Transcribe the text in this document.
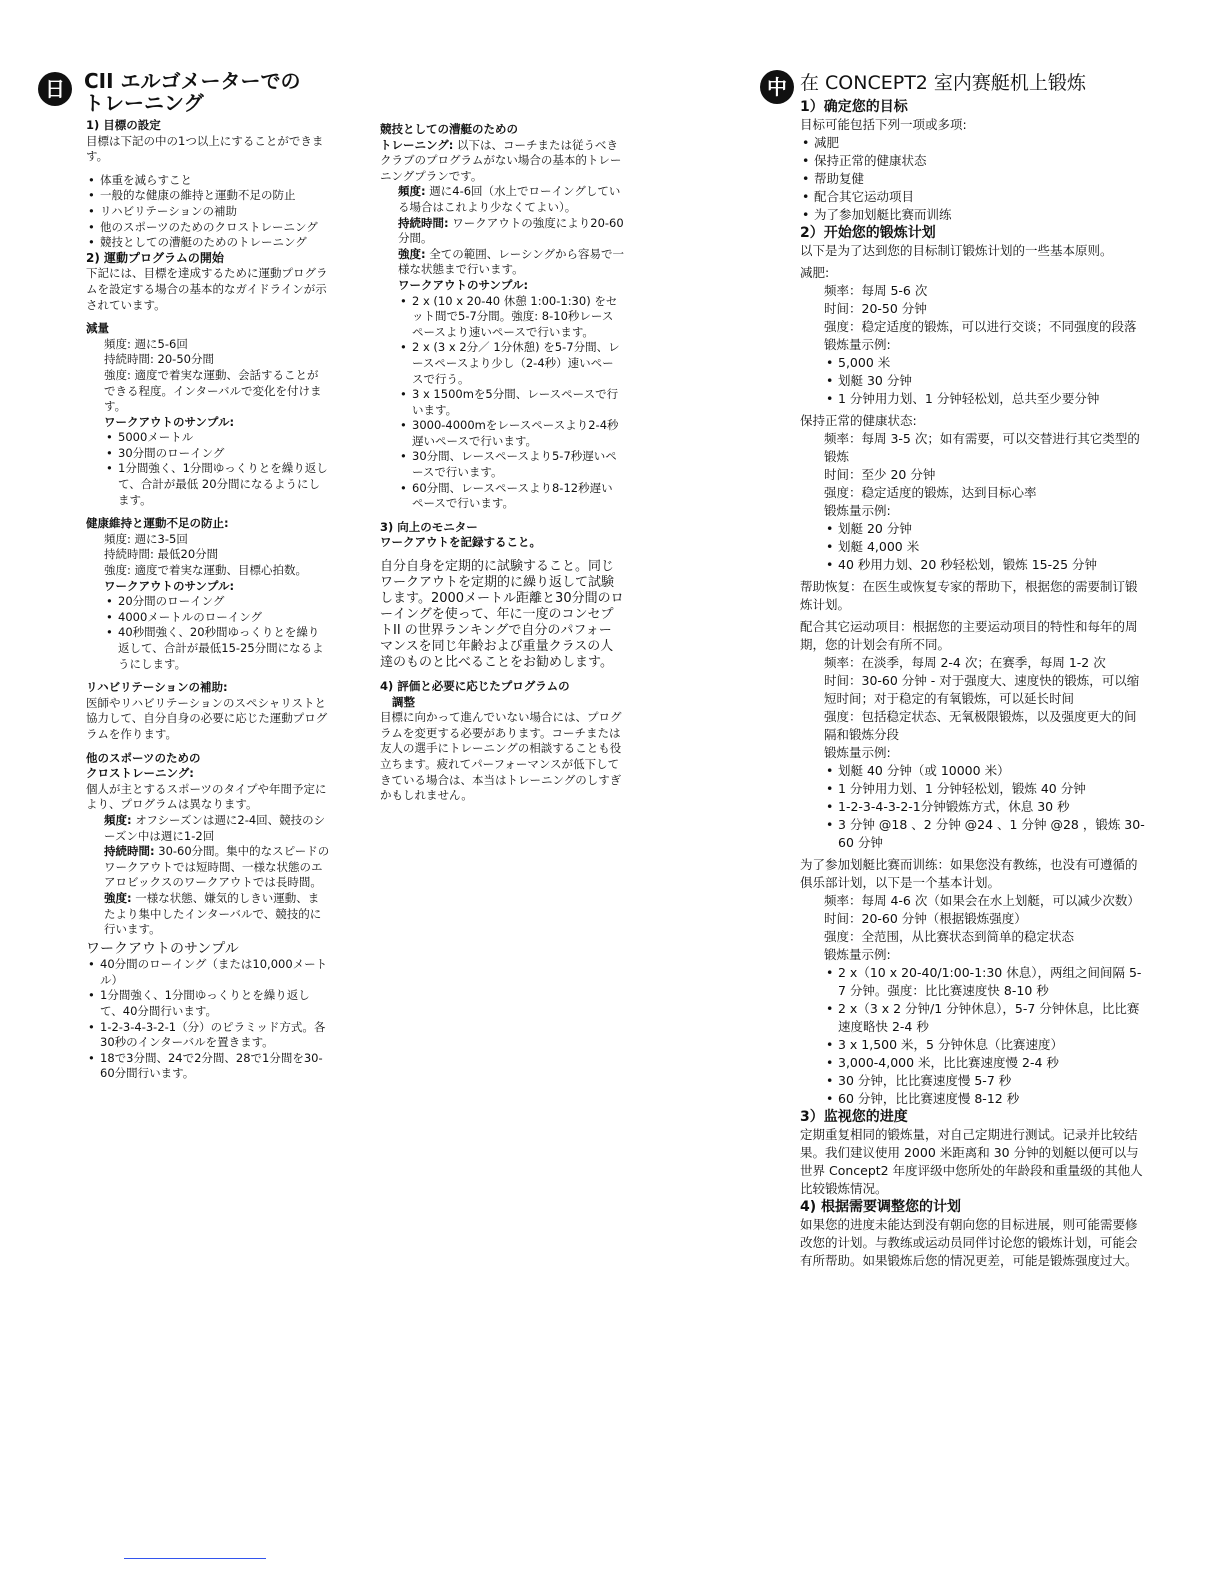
日 CII エルゴメーターでの
トレーニング

1) 目標の設定

目標は下記の中の1つ以上にすることができます。

• 体重を減らすこと
• 一般的な健康の維持と運動不足の防止
• リハビリテーションの補助
• 他のスポーツのためのクロストレーニング
• 競技としての漕艇のためのトレーニング

2) 運動プログラムの開始

下記には、目標を達成するために運動プログラムを設定する場合の基本的なガイドラインが示されています。

減量

頻度: 週に5-6回

持続時間: 20-50分間

強度: 適度で着実な運動、会話することができる程度。インターバルで変化を付けます。

ワークアウトのサンプル:

• 5000メートル
• 30分間のローイング
• 1分間強く、1分間ゆっくりとを繰り返して、合計が最低 20分間になるようにします。

健康維持と運動不足の防止:

頻度: 週に3-5回

持続時間: 最低20分間

強度: 適度で着実な運動、目標心拍数。

ワークアウトのサンプル:

• 20分間のローイング
• 4000メートルのローイング
• 40秒間強く、20秒間ゆっくりとを繰り返して、合計が最低15-25分間になるようにします。

リハビリテーションの補助:

医師やリハビリテーションのスペシャリストと協力して、自分自身の必要に応じた運動プログラムを作ります。

他のスポーツのための

クロストレーニング:

個人が主とするスポーツのタイプや年間予定により、プログラムは異なります。

頻度: オフシーズンは週に2-4回、競技のシーズン中は週に1-2回

持続時間: 30-60分間。集中的なスピードのワークアウトでは短時間、一様な状態のエアロビックスのワークアウトでは長時間。

強度: 一様な状態、嫌気的しきい運動、またより集中したインターバルで、競技的に行います。

ワークアウトのサンプル

• 40分間のローイング（または10,000メートル）
• 1分間強く、1分間ゆっくりとを繰り返して、40分間行います。
• 1-2-3-4-3-2-1（分）のピラミッド方式。各30秒のインターバルを置きます。
• 18で3分間、24で2分間、28で1分間を30-60分間行います。

競技としての漕艇のための

トレーニング: 以下は、コーチまたは従うべきクラブのプログラムがない場合の基本的トレーニングプランです。

頻度: 週に4-6回（水上でローイングしている場合はこれより少なくてよい）。

持続時間: ワークアウトの強度により20-60分間。

強度: 全ての範囲、レーシングから容易で一様な状態まで行います。

ワークアウトのサンプル:

• 2 x (10 x 20-40 休憩 1:00-1:30) をセット間で5-7分間。強度: 8-10秒レースペースより速いペースで行います。
• 2 x (3 x 2分／ 1分休憩) を5-7分間、レースペースより少し（2-4秒）速いペースで行う。
• 3 x 1500mを5分間、レースペースで行います。
• 3000-4000mをレースペースより2-4秒遅いペースで行います。
• 30分間、レースペースより5-7秒遅いペースで行います。
• 60分間、レースペースより8-12秒遅いペースで行います。

3) 向上のモニター

ワークアウトを記録すること。

自分自身を定期的に試験すること。同じワークアウトを定期的に繰り返して試験します。2000メートル距離と30分間のローイングを使って、年に一度のコンセプトII の世界ランキングで自分のパフォーマンスを同じ年齢および重量クラスの人達のものと比べることをお勧めします。

4) 評価と必要に応じたプログラムの

調整

目標に向かって進んでいない場合には、プログラムを変更する必要があります。コーチまたは友人の選手にトレーニングの相談することも役立ちます。疲れてパーフォーマンスが低下してきている場合は、本当はトレーニングのしすぎかもしれません。

中 在 CONCEPT2 室内赛艇机上锻炼

1）确定您的目标

目标可能包括下列一项或多项:

• 减肥
• 保持正常的健康状态
• 帮助复健
• 配合其它运动项目
• 为了参加划艇比赛而训练

2）开始您的锻炼计划

以下是为了达到您的目标制订锻炼计划的一些基本原则。

减肥:

频率：每周 5-6 次

时间：20-50 分钟

强度：稳定适度的锻炼，可以进行交谈；不同强度的段落

锻炼量示例:

• 5,000 米
• 划艇 30 分钟
• 1 分钟用力划、1 分钟轻松划，总共至少要分钟

保持正常的健康状态:

频率：每周 3-5 次；如有需要，可以交替进行其它类型的锻炼

时间：至少 20 分钟

强度：稳定适度的锻炼，达到目标心率

锻炼量示例:

• 划艇 20 分钟
• 划艇 4,000 米
• 40 秒用力划、20 秒轻松划，锻炼 15-25 分钟

帮助恢复：在医生或恢复专家的帮助下，根据您的需要制订锻炼计划。

配合其它运动项目：根据您的主要运动项目的特性和每年的周期，您的计划会有所不同。

频率：在淡季，每周 2-4 次；在赛季，每周 1-2 次

时间：30-60 分钟 - 对于强度大、速度快的锻炼，可以缩短时间；对于稳定的有氧锻炼，可以延长时间

强度：包括稳定状态、无氧极限锻炼，以及强度更大的间隔和锻炼分段

锻炼量示例:

• 划艇 40 分钟（或 10000 米）
• 1 分钟用力划、1 分钟轻松划，锻炼 40 分钟
• 1-2-3-4-3-2-1分钟锻炼方式，休息 30 秒
• 3 分钟 @18 、2 分钟 @24 、1 分钟 @28 ，锻炼 30-60 分钟

为了参加划艇比赛而训练：如果您没有教练，也没有可遵循的俱乐部计划，以下是一个基本计划。

频率：每周 4-6 次（如果会在水上划艇，可以减少次数）

时间：20-60 分钟（根据锻炼强度）

强度：全范围，从比赛状态到简单的稳定状态

锻炼量示例:

• 2 x（10 x 20-40/1:00-1:30 休息），两组之间间隔 5-7 分钟。强度：比比赛速度快 8-10 秒
• 2 x（3 x 2 分钟/1 分钟休息），5-7 分钟休息，比比赛速度略快 2-4 秒
• 3 x 1,500 米，5 分钟休息（比赛速度）
• 3,000-4,000 米，比比赛速度慢 2-4 秒
• 30 分钟，比比赛速度慢 5-7 秒
• 60 分钟，比比赛速度慢 8-12 秒

3）监视您的进度

定期重复相同的锻炼量，对自己定期进行测试。记录并比较结果。我们建议使用 2000 米距离和 30 分钟的划艇以便可以与世界 Concept2 年度评级中您所处的年龄段和重量级的其他人比较锻炼情况。

4) 根据需要调整您的计划

如果您的进度未能达到没有朝向您的目标进展，则可能需要修改您的计划。与教练或运动员同伴讨论您的锻炼计划，可能会有所帮助。如果锻炼后您的情况更差，可能是锻炼强度过大。
